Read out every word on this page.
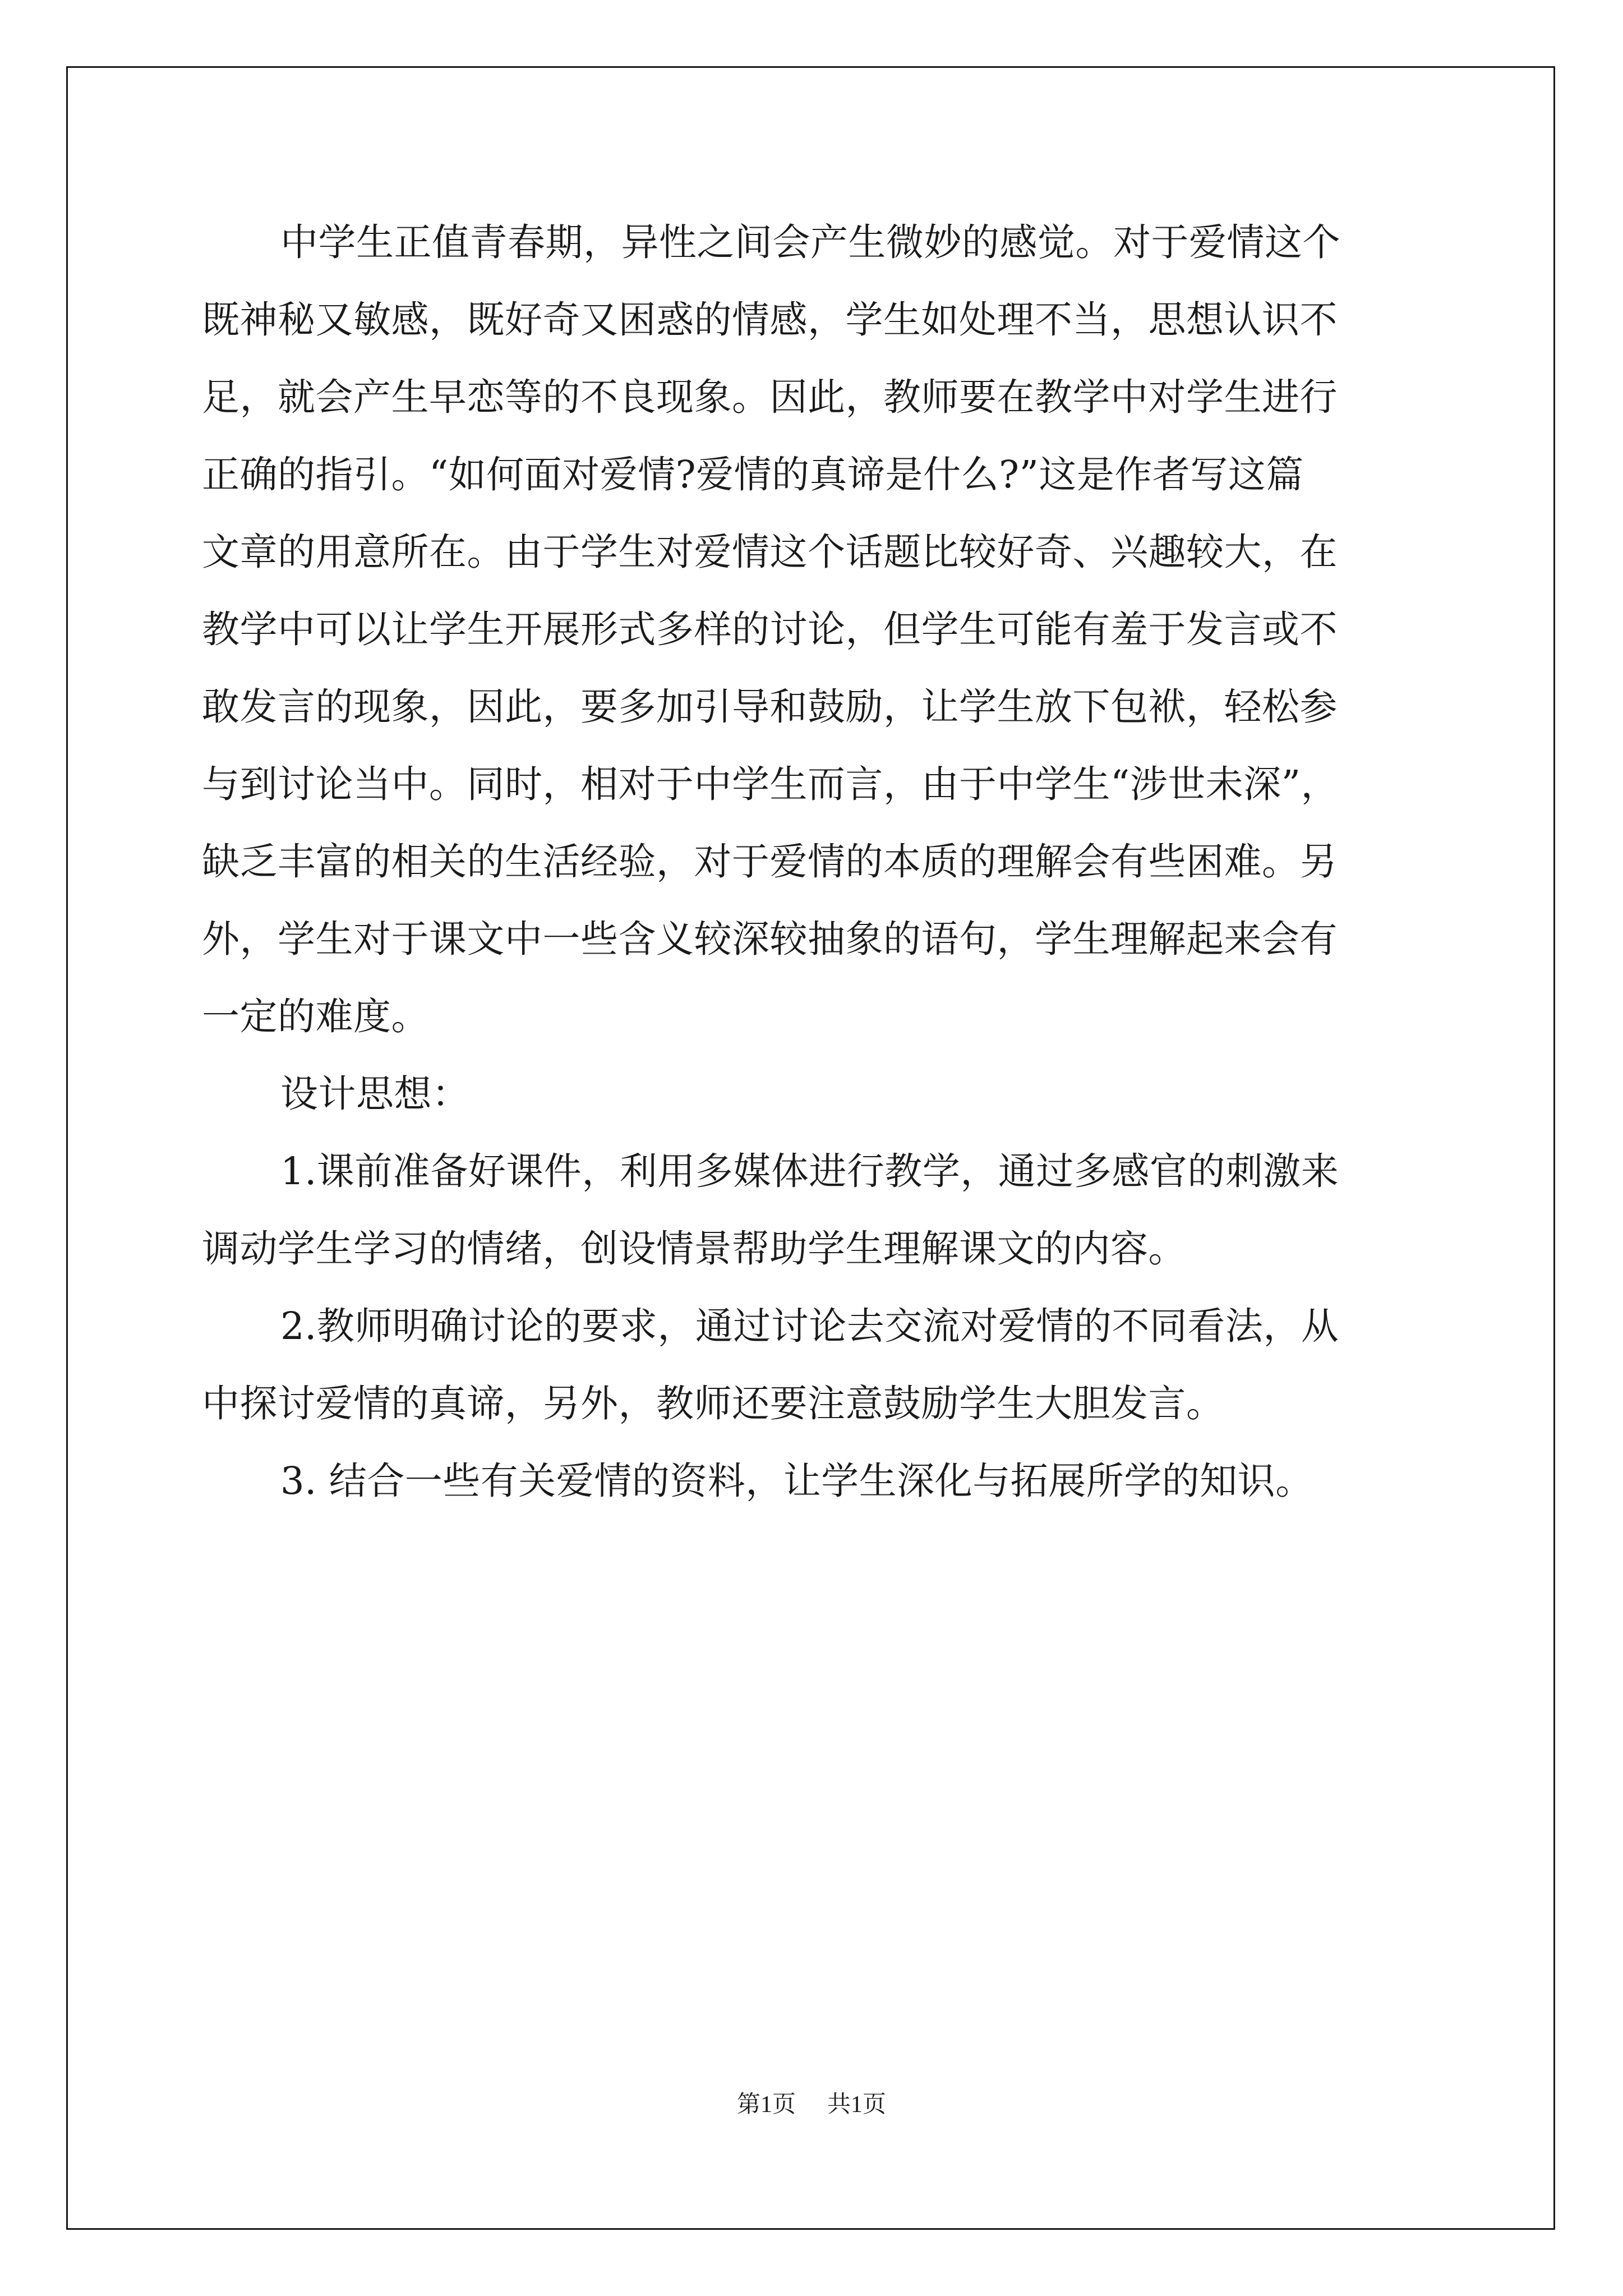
中学生正值青春期，异性之间会产生微妙的感觉。对于爱情这个
既神秘又敏感，既好奇又困惑的情感，学生如处理不当，思想认识不
足，就会产生早恋等的不良现象。因此，教师要在教学中对学生进行
正确的指引。“如何面对爱情?爱情的真谛是什么?”这是作者写这篇
文章的用意所在。由于学生对爱情这个话题比较好奇、兴趣较大，在
教学中可以让学生开展形式多样的讨论，但学生可能有羞于发言或不
敢发言的现象，因此，要多加引导和鼓励，让学生放下包袱，轻松参
与到讨论当中。同时，相对于中学生而言，由于中学生“涉世未深”，
缺乏丰富的相关的生活经验，对于爱情的本质的理解会有些困难。另
外，学生对于课文中一些含义较深较抽象的语句，学生理解起来会有
一定的难度。
设计思想：
1.课前准备好课件，利用多媒体进行教学，通过多感官的刺激来
调动学生学习的情绪，创设情景帮助学生理解课文的内容。
2.教师明确讨论的要求，通过讨论去交流对爱情的不同看法，从
中探讨爱情的真谛，另外，教师还要注意鼓励学生大胆发言。
3. 结合一些有关爱情的资料，让学生深化与拓展所学的知识。
第1页 共1页
